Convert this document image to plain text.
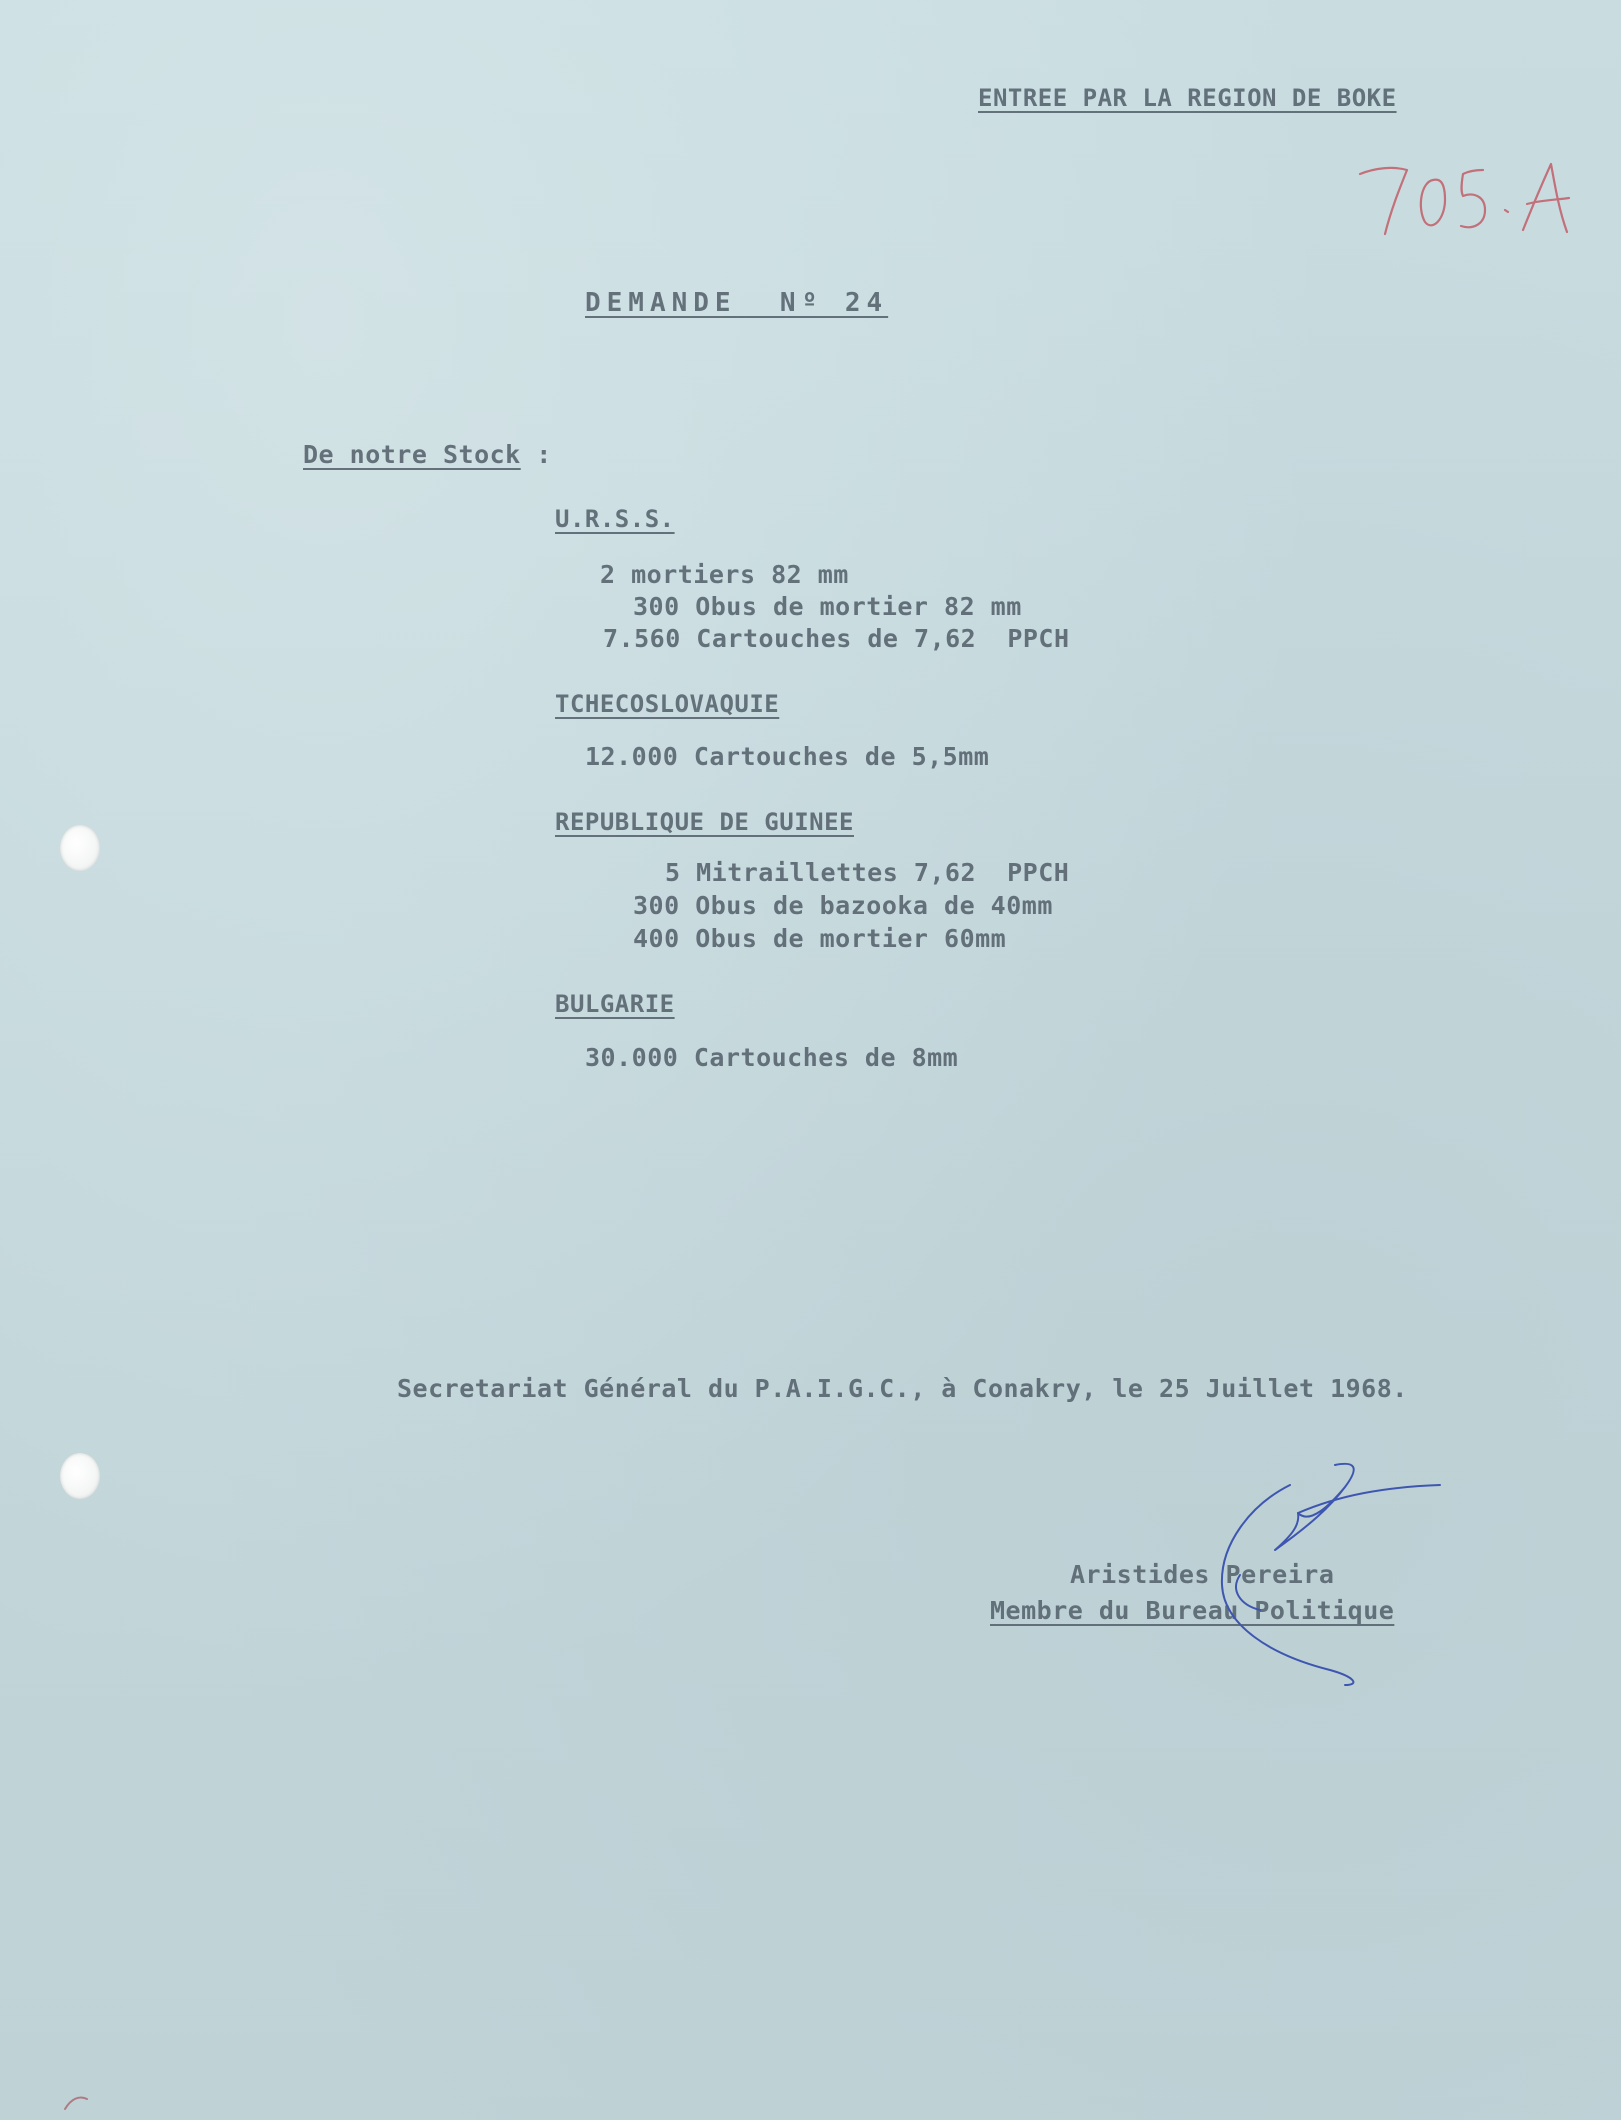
ENTREE PAR LA REGION DE BOKE
DEMANDE  Nº 24
De notre Stock :
U.R.S.S.
2 mortiers 82 mm
300 Obus de mortier 82 mm
7.560 Cartouches de 7,62  PPCH
TCHECOSLOVAQUIE
12.000 Cartouches de 5,5mm
REPUBLIQUE DE GUINEE
5 Mitraillettes 7,62  PPCH
300 Obus de bazooka de 40mm
400 Obus de mortier 60mm
BULGARIE
30.000 Cartouches de 8mm
Secretariat Général du P.A.I.G.C., à Conakry, le 25 Juillet 1968.
Aristides Pereira
Membre du Bureau Politique
